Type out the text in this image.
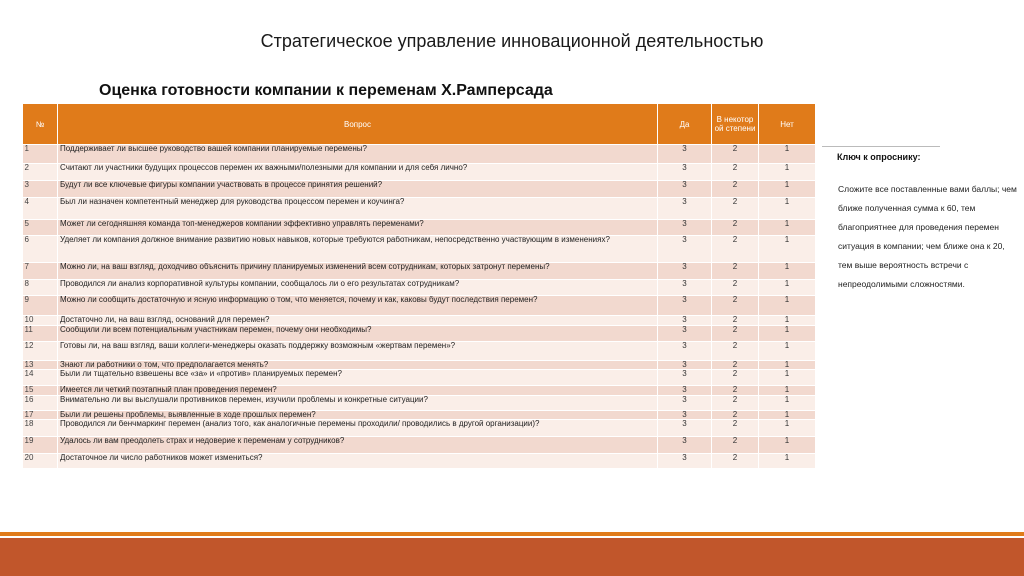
Стратегическое управление инновационной деятельностью
Оценка готовности компании к переменам Х.Рамперсада
№	Вопрос	Да	В некотор ой степени	Нет
1	Поддерживает ли высшее руководство вашей компании планируемые перемены?	3	2	1
2	Считают ли участники будущих процессов перемен их важными/полезными для компании и для себя лично?	3	2	1
3	Будут ли все ключевые фигуры компании участвовать в процессе принятия решений?	3	2	1
4	Был ли назначен компетентный менеджер для руководства процессом перемен и коучинга?	3	2	1
5	Может ли сегодняшняя команда топ-менеджеров компании эффективно управлять переменами?	3	2	1
6	Уделяет ли компания должное внимание развитию новых навыков, которые требуются работникам, непосредственно участвующим в изменениях?	3	2	1
7	Можно ли, на ваш взгляд, доходчиво объяснить причину планируемых изменений всем сотрудникам, которых затронут перемены?	3	2	1
8	Проводился ли анализ корпоративной культуры компании, сообщалось ли о его результатах сотрудникам?	3	2	1
9	Можно ли сообщить достаточную и ясную информацию о том, что меняется, почему и как, каковы будут последствия перемен?	3	2	1
10	Достаточно ли, на ваш взгляд, оснований для перемен?	3	2	1
11	Сообщили ли всем потенциальным участникам перемен, почему они необходимы?	3	2	1
12	Готовы ли, на ваш взгляд, ваши коллеги-менеджеры оказать поддержку возможным «жертвам перемен»?	3	2	1
13	Знают ли работники о том, что предполагается менять?	3	2	1
14	Были ли тщательно взвешены все «за» и «против» планируемых перемен?	3	2	1
15	Имеется ли четкий поэтапный план проведения перемен?	3	2	1
16	Внимательно ли вы выслушали противников перемен, изучили проблемы и конкретные ситуации?	3	2	1
17	Были ли решены проблемы, выявленные в ходе прошлых перемен?	3	2	1
18	Проводился ли бенчмаркинг перемен (анализ того, как аналогичные перемены проходили/ проводились в другой организации)?	3	2	1
19	Удалось ли вам преодолеть страх и недоверие к переменам у сотрудников?	3	2	1
20	Достаточное ли число работников может измениться?	3	2	1
Ключ к опроснику:
Сложите все поставленные вами баллы; чем ближе полученная сумма к 60, тем благоприятнее для проведения перемен ситуация в компании; чем ближе она к 20, тем выше вероятность встречи с непреодолимыми сложностями.
